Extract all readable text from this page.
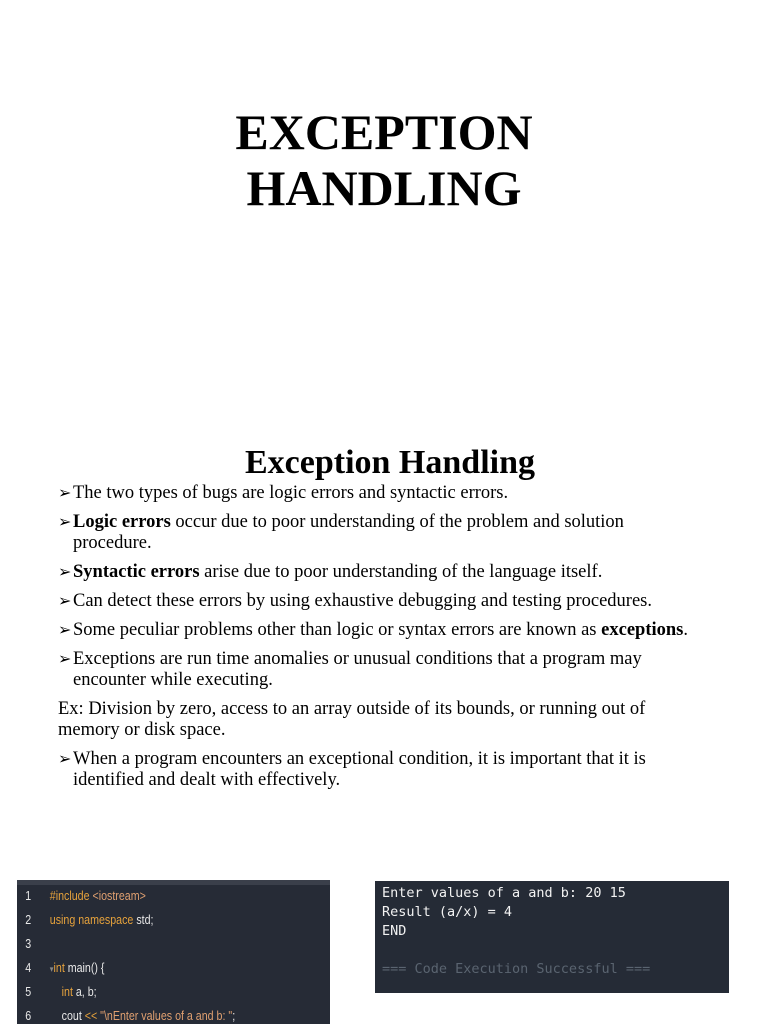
EXCEPTION
HANDLING
Exception Handling
➢ The two types of bugs are logic errors and syntactic errors.
➢ Logic errors occur due to poor understanding of the problem and solution procedure.
➢ Syntactic errors arise due to poor understanding of the language itself.
➢ Can detect these errors by using exhaustive debugging and testing procedures.
➢ Some peculiar problems other than logic or syntax errors are known as exceptions.
➢ Exceptions are run time anomalies or unusual conditions that a program may encounter while executing.
Ex: Division by zero, access to an array outside of its bounds, or running out of memory or disk space.
➢ When a program encounters an exceptional condition, it is important that it is identified and dealt with effectively.
1 #include <iostream>
2 using namespace std;
3
4 ▾int main() {
5 int a, b;
6    cout << "\nEnter values of a and b: ";
Enter values of a and b: 20 15
Result (a/x) = 4
END
=== Code Execution Successful ===
